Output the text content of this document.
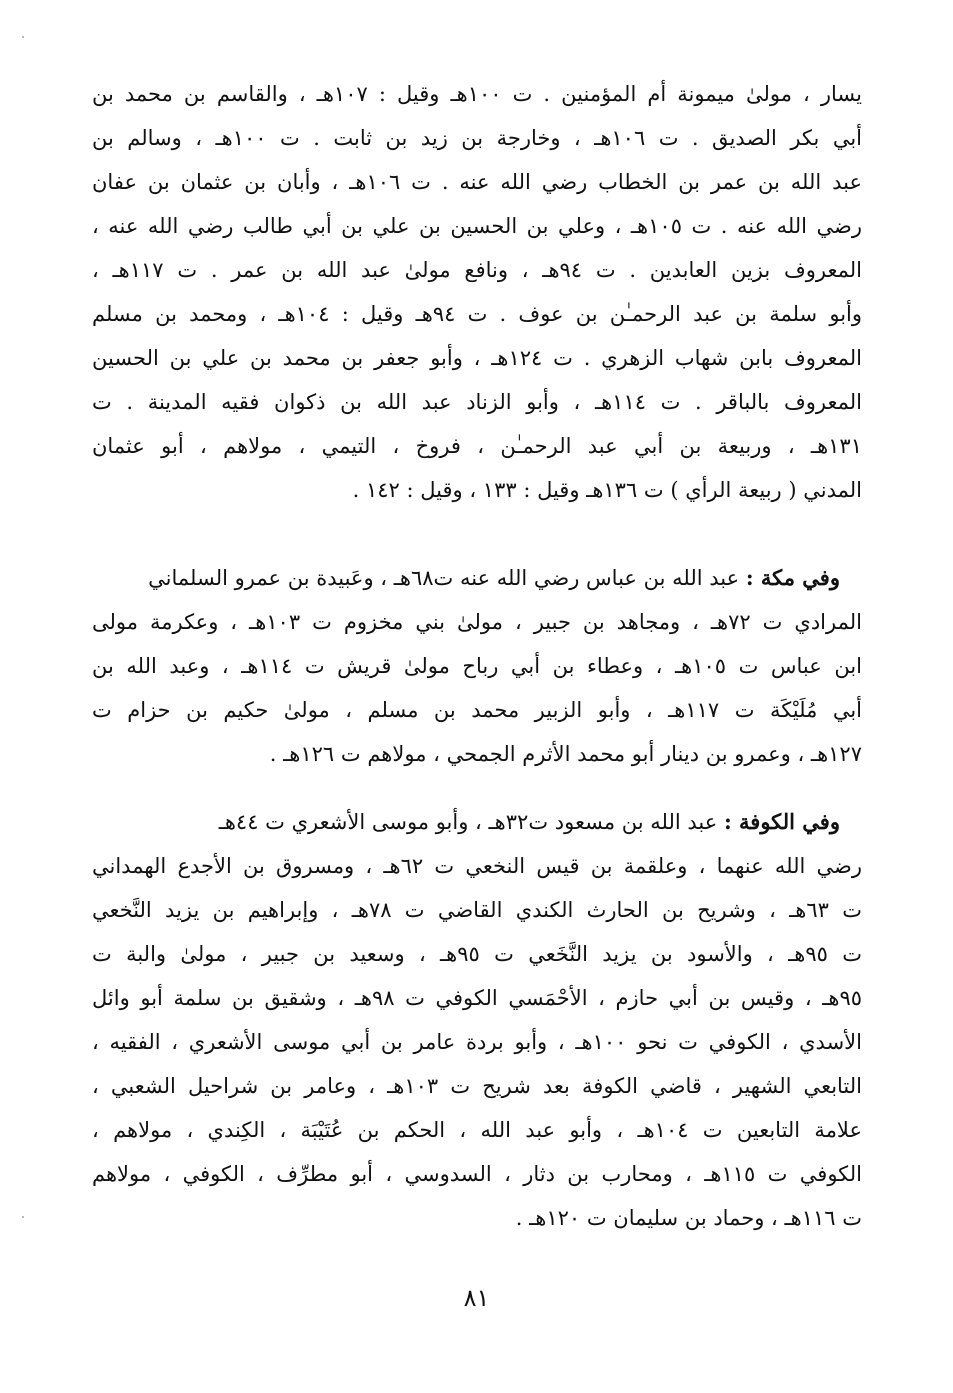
يسار ، مولىٰ ميمونة أم المؤمنين . ت ١٠٠هـ وقيل : ١٠٧هـ ، والقاسم بن محمد بن
أبي بكر الصديق . ت ١٠٦هـ ، وخارجة بن زيد بن ثابت . ت ١٠٠هـ ، وسالم بن
عبد الله بن عمر بن الخطاب رضي الله عنه . ت ١٠٦هـ ، وأبان بن عثمان بن عفان
رضي الله عنه . ت ١٠٥هـ ، وعلي بن الحسين بن علي بن أبي طالب رضي الله عنه ،
المعروف بزين العابدين . ت ٩٤هـ ، ونافع مولىٰ عبد الله بن عمر . ت ١١٧هـ ،
وأبو سلمة بن عبد الرحمـٰن بن عوف . ت ٩٤هـ وقيل : ١٠٤هـ ، ومحمد بن مسلم
المعروف بابن شهاب الزهري . ت ١٢٤هـ ، وأبو جعفر بن محمد بن علي بن الحسين
المعروف بالباقر . ت ١١٤هـ ، وأبو الزناد عبد الله بن ذكوان فقيه المدينة . ت
١٣١هـ ، وربيعة بن أبي عبد الرحمـٰن ، فروخ ، التيمي ، مولاهم ، أبو عثمان
المدني ( ربيعة الرأي ) ت ١٣٦هـ وقيل : ١٣٣ ، وقيل : ١٤٢ .
وفي مكة : عبد الله بن عباس رضي الله عنه ت٦٨هـ ، وعَبيدة بن عمرو السلماني
المرادي ت ٧٢هـ ، ومجاهد بن جبير ، مولىٰ بني مخزوم ت ١٠٣هـ ، وعكرمة مولى
ابن عباس ت ١٠٥هـ ، وعطاء بن أبي رباح مولىٰ قريش ت ١١٤هـ ، وعبد الله بن
أبي مُلَيْكَة ت ١١٧هـ ، وأبو الزبير محمد بن مسلم ، مولىٰ حكيم بن حزام ت
١٢٧هـ ، وعمرو بن دينار أبو محمد الأثرم الجمحي ، مولاهم ت ١٢٦هـ .
وفي الكوفة : عبد الله بن مسعود ت٣٢هـ ، وأبو موسى الأشعري ت ٤٤هـ
رضي الله عنهما ، وعلقمة بن قيس النخعي ت ٦٢هـ ، ومسروق بن الأجدع الهمداني
ت ٦٣هـ ، وشريح بن الحارث الكندي القاضي ت ٧٨هـ ، وإبراهيم بن يزيد النَّخعي
ت ٩٥هـ ، والأسود بن يزيد النَّخَعي ت ٩٥هـ ، وسعيد بن جبير ، مولىٰ والبة ت
٩٥هـ ، وقيس بن أبي حازم ، الأحْمَسي الكوفي ت ٩٨هـ ، وشقيق بن سلمة أبو وائل
الأسدي ، الكوفي ت نحو ١٠٠هـ ، وأبو بردة عامر بن أبي موسى الأشعري ، الفقيه ،
التابعي الشهير ، قاضي الكوفة بعد شريح ت ١٠٣هـ ، وعامر بن شراحيل الشعبي ،
علامة التابعين ت ١٠٤هـ ، وأبو عبد الله ، الحكم بن عُتَيْبَة ، الكِندي ، مولاهم ،
الكوفي ت ١١٥هـ ، ومحارب بن دثار ، السدوسي ، أبو مطرِّف ، الكوفي ، مولاهم
ت ١١٦هـ ، وحماد بن سليمان ت ١٢٠هـ .
٨١
